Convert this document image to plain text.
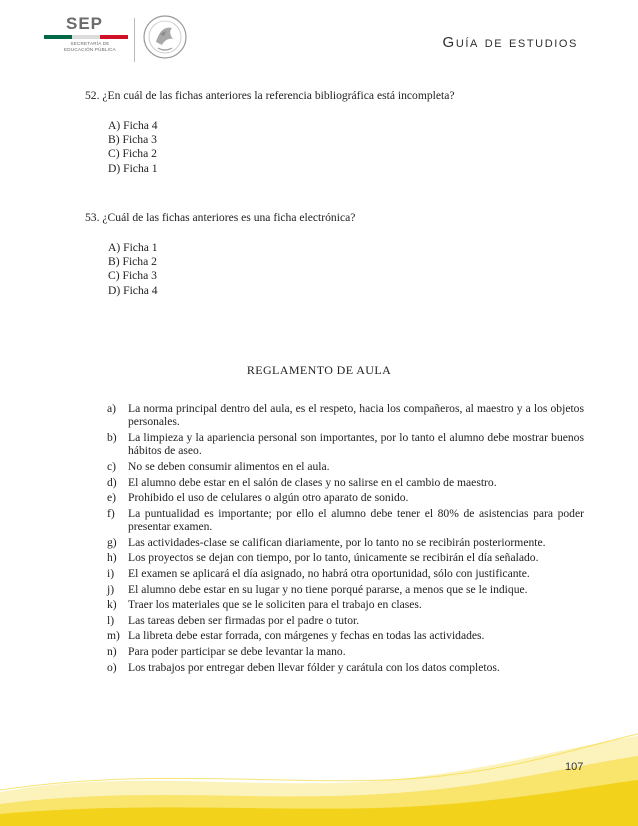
SEP
SECRETARÍA DE
EDUCACIÓN PÚBLICA	Guía de estudios
52. ¿En cuál de las fichas anteriores la referencia bibliográfica está incompleta?
A) Ficha 4
B) Ficha 3
C) Ficha 2
D) Ficha 1
53. ¿Cuál de las fichas anteriores es una ficha electrónica?
A) Ficha 1
B) Ficha 2
C) Ficha 3
D) Ficha 4
REGLAMENTO DE AULA
a) La norma principal dentro del aula, es el respeto, hacia los compañeros, al maestro y a los objetos personales.
b) La limpieza y la apariencia personal son importantes, por lo tanto el alumno debe mostrar buenos hábitos de aseo.
c) No se deben consumir alimentos en el aula.
d) El alumno debe estar en el salón de clases y no salirse en el cambio de maestro.
e) Prohibido el uso de celulares o algún otro aparato de sonido.
f) La puntualidad es importante; por ello el alumno debe tener el 80% de asistencias para poder presentar examen.
g) Las actividades-clase se califican diariamente, por lo tanto no se recibirán posteriormente.
h) Los proyectos se dejan con tiempo, por lo tanto, únicamente se recibirán el día señalado.
i) El examen se aplicará el día asignado, no habrá otra oportunidad, sólo con justificante.
j) El alumno debe estar en su lugar y no tiene porqué pararse, a menos que se le indique.
k) Traer los materiales que se le soliciten para el trabajo en clases.
l) Las tareas deben ser firmadas por el padre o tutor.
m) La libreta debe estar forrada, con márgenes y fechas en todas las actividades.
n) Para poder participar se debe levantar la mano.
o) Los trabajos por entregar deben llevar fólder y carátula con los datos completos.
107
